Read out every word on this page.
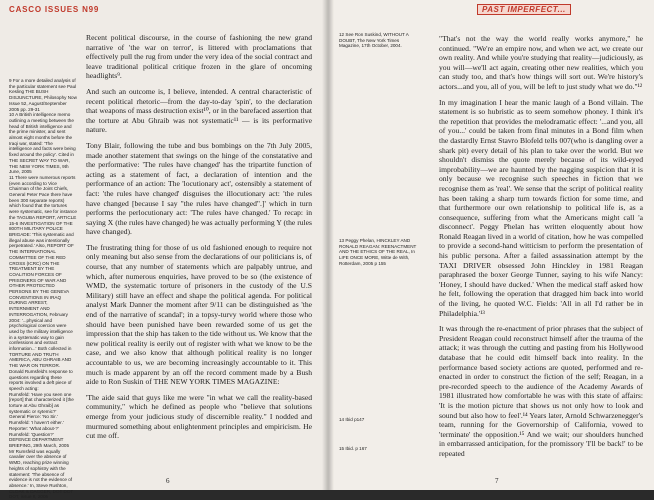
CASCO ISSUES N99

9 For a more detailed analysis of the particular statement see Paul Kesling THE BUSH DISJUNCTURE, Philosophy Now Issue 52, August/September 2005 pp. 29-31

10 A British intelligence memo outlining a meeting between the head of British intelligence and the prime minister, and sent almost eight months before the Iraqi war, stated: 'The intelligence and facts were being fixed around the policy'. Cited in THE SECRET WAY TO WAR, THE NEW YORK TIMES, 9th June, 2005

11 There were numerous reports (even according to Vice Chairman of the Joint Chiefs, General Peter Pace there have been 300 separate reports) which found that the tortures were systematic, see for instance the TAGUBA REPORT, ARTICLE 15-6 INVESTIGATION OF THE 800TH MILITARY POLICE BRIGADE: 'This systematic and illegal abuse was intentionally perpetrated.' Also, REPORT OF THE INTERNATIONAL COMMITTEE OF THE RED CROSS (ICRC) ON THE TREATMENT BY THE COALITION FORCES OF PRISONERS OF WAR AND OTHER PROTECTED PERSONS BY THE GENEVA CONVENTIONS IN IRAQ DURING ARREST, INTERNMENT AND INTERROGATION, February 2004: '...physical and psychological coercion were used by the military intelligence in a systematic way to gain confessions and extract information...' Both collected in TORTURE AND TRUTH AMERICA, ABU GHRAIB AND THE WAR ON TERROR.

Donald Rumsfeld's response to questions regarding these reports involved a deft piece of speech acting:

Rumsfeld: 'Have you seen one [report] that characterized it [the torture at Abu Ghraib] as systematic or sytemic?'

General Pierce: 'No Sir.'

Rumsfeld: 'I haven't either.'

Reporter: 'What about-?'

Rumsfeld: 'Question?'

DEFENCE DEPARTMENT BRIEFING, 29th March, 2005

Mr Rumsfeld was equally cavalier over the absence of WMD, reaching prize winning heights of sophistry with the statement: 'The absence of evidence is not the evidence of absence.' In, Steve Rushton, CLOAK & DAGGER, DOT DOT DOT, issue 8, 2005

Recent political discourse, in the course of fashioning the new grand narrative of 'the war on terror', is littered with proclamations that effectively pull the rug from under the very idea of the social contract and leave traditional political critique frozen in the glare of oncoming headlights⁹.

And such an outcome is, I believe, intended. A central characteristic of recent political rhetoric—from the day-to-day 'spin', to the declaration that weapons of mass destruction exist¹⁰, or in the barefaced assertion that the torture at Abu Ghraib was not systematic¹¹ — is its performative nature.

Tony Blair, following the tube and bus bombings on the 7th July 2005, made another statement that swings on the hinge of the constatative and the performative: 'The rules have changed' has the tripartite function of acting as a statement of fact, a declaration of intention and the performance of an action: The 'locutionary act', ostensibly a statement of fact: 'the rules have changed' disguises the illocutionary act: 'the rules have changed [because I say "the rules have changed".]' which in turn performs the perlocutionary act: 'The rules have changed.' To recap: in saying X (the rules have changed) he was actually performing Y (the rules have changed).

The frustrating thing for those of us old fashioned enough to require not only meaning but also sense from the declarations of our politicians is, of course, that any number of statements which are palpably untrue, and which, after numerous enquiries, have proved to be so (the existence of WMD, the systematic torture of prisoners in the custody of the U.S Military) still have an effect and shape the political agenda. For political analyst Mark Danner the moment after 9/11 can be distinguished as 'the end of the narrative of scandal'; in a topsy-turvy world where those who should have been punished have been rewarded some of us get the impression that the ship has taken to the tide without us. We know that the new political reality is eerily out of register with what we know to be the case, and we also know that although political reality is no longer accountable to us, we are becoming increasingly accountable to it. This much is made apparent by an off the record comment made by a Bush aide to Ron Suskin of THE NEW YORK TIMES MAGAZINE:

'The aide said that guys like me were "in what we call the reality-based community," which he defined as people who "believe that solutions emerge from your judicious study of discernible reality." I nodded and murmured something about enlightenment principles and empiricism. He cut me off.

6
PAST IMPERFECT...

12 See Ron Suskind, WITHOUT A DOUBT, The New York Times Magazine, 17th October, 2004.

13 Peggy Phelan, HINCKLEY AND RONALD REAGAN: REENACTMENT AND THE ETHICS OF THE REAL, In LIFE ONCE MORE, Witte de With, Rotterdam, 2005 p 155

14 Ibid p147

15 Ibid. p 167

"That's not the way the world really works anymore," he continued. "We're an empire now, and when we act, we create our own reality. And while you're studying that reality—judiciously, as you will—we'll act again, creating other new realities, which you can study too, and that's how things will sort out. We're history's actors...and you, all of you, will be left to just study what we do."¹²

In my imagination I hear the manic laugh of a Bond villain. The statement is so hubristic as to seem somehow phoney. I think it's the repetition that provides the melodramatic effect: '...and you, all of you...' could be taken from final minutes in a Bond film when the dastardly Ernst Stavro Blofeld tells 007(who is dangling over a shark pit) every detail of his plan to take over the world. But we shouldn't dismiss the quote merely because of its wild-eyed improbability—we are haunted by the nagging suspicion that it is only because we recognise such speeches in fiction that we recognise them as 'real'. We sense that the script of political reality has been taking a sharp turn towards fiction for some time, and that furthermore our own relationship to political life is, as a consequence, suffering from what the Americans might call 'a disconnect'. Peggy Phelan has written eloquently about how Ronald Reagan lived in a world of citation, how he was compelled to provide a second-hand witticism to perform the presentation of his public persona. After a failed assassination attempt by the TAXI DRIVER obsessed John Hinckley in 1981 Reagan paraphrased the boxer George Tunner, saying to his wife Nancy: 'Honey, I should have ducked.' When the medical staff asked how he felt, following the operation that dragged him back into world of the living, he quoted W.C. Fields: 'All in all I'd rather be in Philadelphia.'¹³

It was through the re-enactment of prior phrases that the subject of President Reagan could reconstruct himself after the trauma of the attack; it was through the cutting and pasting from his Hollywood database that he could edit himself back into reality. In the performance based society actions are quoted, performed and re-enacted in order to construct the fiction of the self; Reagan, in a pre-recorded speech to the audience of the Academy Awards of 1981 illustrated how comfortable he was with this state of affairs: 'It is the motion picture that shows us not only how to look and sound but also how to feel'.¹⁴ Years later, Arnold Schwarzenegger's team, running for the Governorship of California, vowed to 'terminate' the opposition.¹⁵ And we wait; our shoulders hunched in embarrassed anticipation, for the promissory 'I'll be back!' to be repeated

7
